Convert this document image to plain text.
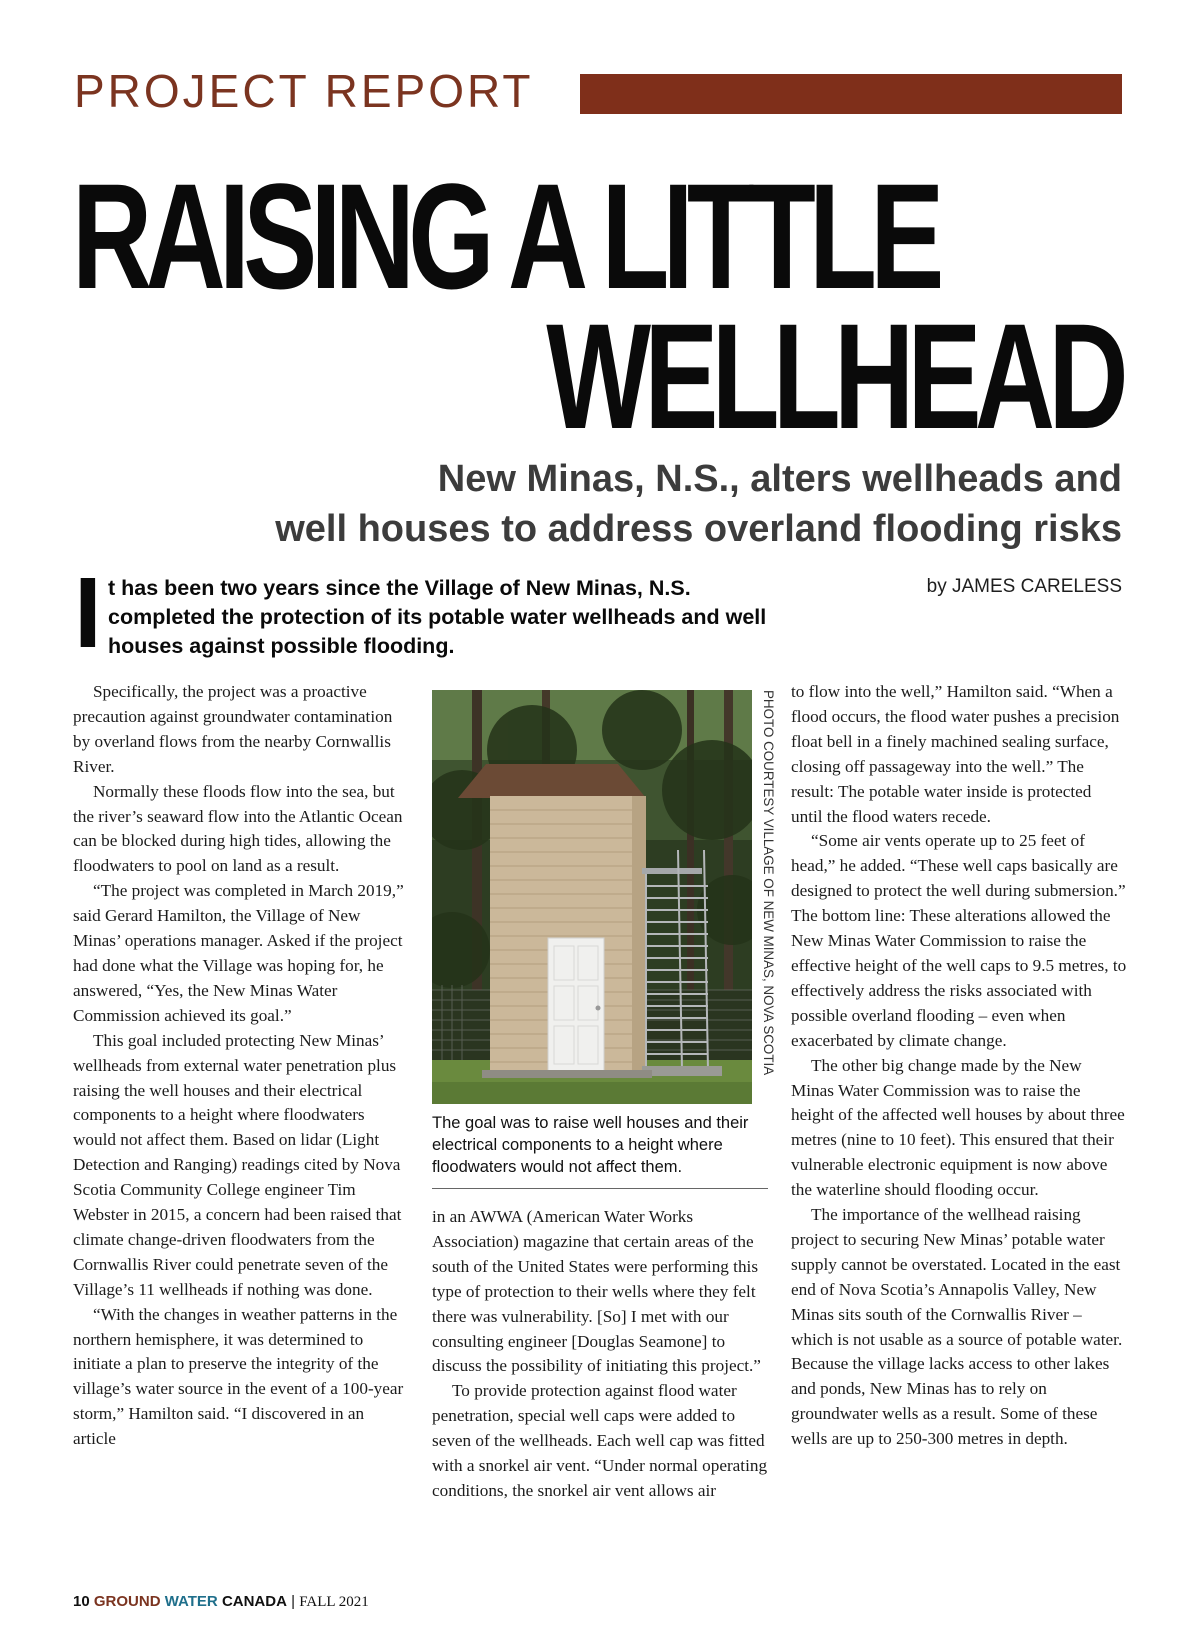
PROJECT REPORT
RAISING A LITTLE
WELLHEAD
New Minas, N.S., alters wellheads and
well houses to address overland flooding risks
by JAMES CARELESS
I t has been two years since the Village of New Minas, N.S. completed the protection of its potable water wellheads and well houses against possible flooding.

Specifically, the project was a proactive precaution against groundwater contamination by overland flows from the nearby Cornwallis River.

Normally these floods flow into the sea, but the river’s seaward flow into the Atlantic Ocean can be blocked during high tides, allowing the floodwaters to pool on land as a result.

“The project was completed in March 2019,” said Gerard Hamilton, the Village of New Minas’ operations manager. Asked if the project had done what the Village was hoping for, he answered, “Yes, the New Minas Water Commission achieved its goal.”

This goal included protecting New Minas’ wellheads from external water penetration plus raising the well houses and their electrical components to a height where floodwaters would not affect them. Based on lidar (Light Detection and Ranging) readings cited by Nova Scotia Community College engineer Tim Webster in 2015, a concern had been raised that climate change-driven floodwaters from the Cornwallis River could penetrate seven of the Village’s 11 wellheads if nothing was done.

“With the changes in weather patterns in the northern hemisphere, it was determined to initiate a plan to preserve the integrity of the village’s water source in the event of a 100-year storm,” Hamilton said. “I discovered in an article

PHOTO COURTESY VILLAGE OF NEW MINAS, NOVA SCOTIA
The goal was to raise well houses and their electrical components to a height where floodwaters would not affect them.

in an AWWA (American Water Works Association) magazine that certain areas of the south of the United States were performing this type of protection to their wells where they felt there was vulnerability. [So] I met with our consulting engineer [Douglas Seamone] to discuss the possibility of initiating this project.”

To provide protection against flood water penetration, special well caps were added to seven of the wellheads. Each well cap was fitted with a snorkel air vent. “Under normal operating conditions, the snorkel air vent allows air

to flow into the well,” Hamilton said. “When a flood occurs, the flood water pushes a precision float bell in a finely machined sealing surface, closing off passageway into the well.” The result: The potable water inside is protected until the flood waters recede.

“Some air vents operate up to 25 feet of head,” he added. “These well caps basically are designed to protect the well during submersion.” The bottom line: These alterations allowed the New Minas Water Commission to raise the effective height of the well caps to 9.5 metres, to effectively address the risks associated with possible overland flooding – even when exacerbated by climate change.

The other big change made by the New Minas Water Commission was to raise the height of the affected well houses by about three metres (nine to 10 feet). This ensured that their vulnerable electronic equipment is now above the waterline should flooding occur.

The importance of the wellhead raising project to securing New Minas’ potable water supply cannot be overstated. Located in the east end of Nova Scotia’s Annapolis Valley, New Minas sits south of the Cornwallis River – which is not usable as a source of potable water. Because the village lacks access to other lakes and ponds, New Minas has to rely on groundwater wells as a result. Some of these wells are up to 250-300 metres in depth.

10 GROUND WATER CANADA | FALL 2021
